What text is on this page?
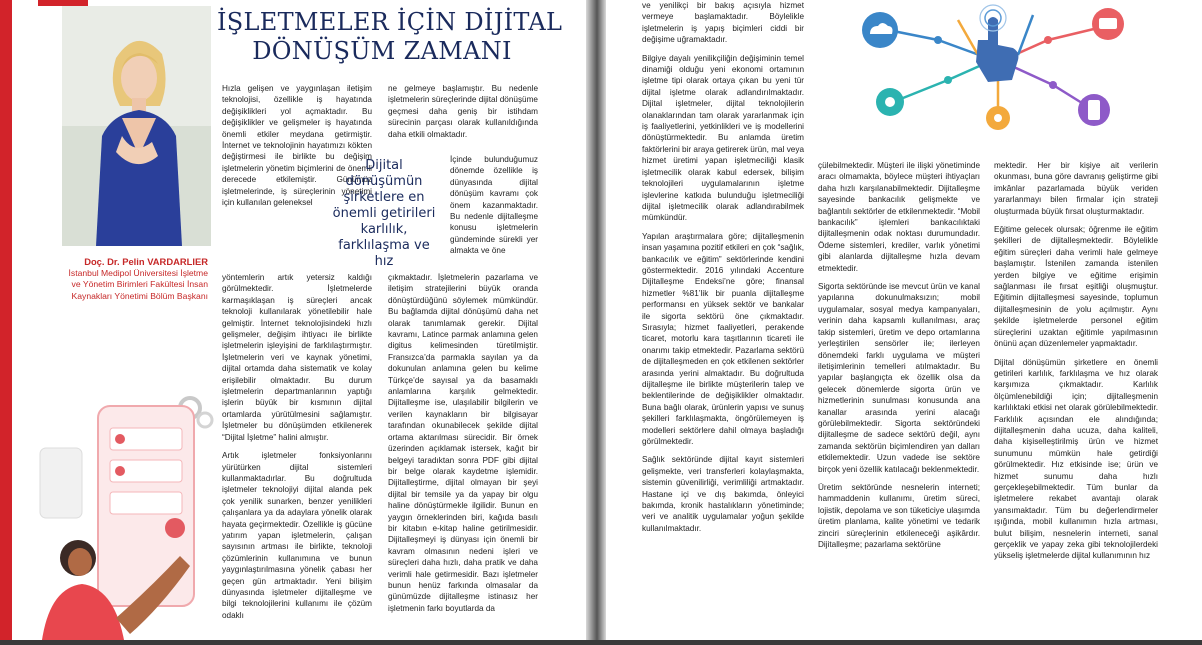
İŞLETMELER İÇİN DİJİTAL
DÖNÜŞÜM ZAMANI
Doç. Dr. Pelin VARDARLIER
İstanbul Medipol Üniversitesi İşletme
ve Yönetim Birimleri Fakültesi İnsan
Kaynakları Yönetimi Bölüm Başkanı

Hızla gelişen ve yaygınlaşan iletişim teknolojisi, özellikle iş hayatında değişiklikleri yol açmaktadır. Bu değişiklikler ve gelişmeler iş hayatında önemli etkiler meydana getirmiştir. İnternet ve teknolojinin hayatımızı kökten değiştirmesi ile birlikte bu değişim işletmelerin yönetim biçimlerini de önemli derecede etkilemiştir. Günümüz işletmelerinde, iş süreçlerinin yönetimi için kullanılan geleneksel

yöntemlerin artık yetersiz kaldığı görülmektedir. İşletmelerde karmaşıklaşan iş süreçleri ancak teknoloji kullanılarak yönetilebilir hale gelmiştir. İnternet teknolojisindeki hızlı gelişmeler, değişim ihtiyacı ile birlikte işletmelerin işleyişini de farklılaştırmıştır. İşletmelerin veri ve kaynak yönetimi, dijital ortamda daha sistematik ve kolay erişilebilir olmaktadır. Bu durum işletmelerin departmanlarının yaptığı işlerin büyük bir kısmının dijital ortamlarda yürütülmesini sağlamıştır. İşletmeler bu dönüşümden etkilenerek “Dijital İşletme” halini almıştır.

Artık işletmeler fonksiyonlarını yürütürken dijital sistemleri kullanmaktadırlar. Bu doğrultuda işletmeler teknolojiyi dijital alanda pek çok yenilik sunarken, benzer yenilikleri çalışanlara ya da adaylara yönelik olarak hayata geçirmektedir. Özellikle iş gücüne yatırım yapan işletmelerin, çalışan sayısının artması ile birlikte, teknoloji çözümlerinin kullanımına ve bunun yaygınlaştırılmasına yönelik çabası her geçen gün artmaktadır. Yeni bilişim dünyasında işletmeler dijitalleşme ve bilgi teknolojilerini kullanımı ile çözüm odaklı

ne gelmeye başlamıştır. Bu nedenle işletmelerin süreçlerinde dijital dönüşüme geçmesi daha geniş bir istihdam sürecinin parçası olarak kullanıldığında daha etkili olmaktadır.

Dijital dönüşümün şirketlere en önemli getirileri karlılık, farklılaşma ve hız

İçinde bulunduğumuz dönemde özellikle iş dünyasında dijital dönüşüm kavramı çok önem kazanmaktadır. Bu nedenle dijitalleşme konusu işletmelerin gündeminde sürekli yer almakta ve öne

çıkmaktadır. İşletmelerin pazarlama ve iletişim stratejilerini büyük oranda dönüştürdüğünü söylemek mümkündür. Bu bağlamda dijital dönüşümü daha net olarak tanımlamak gerekir. Dijital kavramı, Latince parmak anlamına gelen digitus kelimesinden türetilmiştir. Fransızca’da parmakla sayılan ya da dokunulan anlamına gelen bu kelime Türkçe’de sayısal ya da basamaklı anlamlarına karşılık gelmektedir. Dijitalleşme ise, ulaşılabilir bilgilerin ve verilen kaynakların bir bilgisayar tarafından okunabilecek şekilde dijital ortama aktarılması sürecidir. Bir örnek üzerinden açıklamak istersek, kağıt bir belgeyi taradıktan sonra PDF gibi dijital bir belge olarak kaydetme işlemidir. Dijitalleştirme, dijital olmayan bir şeyi dijital bir temsile ya da yapay bir olgu haline dönüştürmekle ilgilidir. Bunun en yaygın örneklerinden biri, kağıda basılı bir kitabın e-kitap haline getirilmesidir. Dijitalleşmeyi iş dünyası için önemli bir kavram olmasının nedeni işleri ve süreçleri daha hızlı, daha pratik ve daha verimli hale getirmesidir. Bazı işletmeler bunun henüz farkında olmasalar da günümüzde dijitalleşme istinasız her işletmenin farkı boyutlarda da

ve yenilikçi bir bakış açısıyla hizmet vermeye başlamaktadır. Böylelikle işletmelerin iş yapış biçimleri ciddi bir değişime uğramaktadır.

Bilgiye dayalı yenilikçiliğin değişiminin temel dinamiği olduğu yeni ekonomi ortamının işletme tipi olarak ortaya çıkan bu yeni tür dijital işletme olarak adlandırılmaktadır. Dijital işletmeler, dijital teknolojilerin olanaklarından tam olarak yararlanmak için iş faaliyetlerini, yetkinlikleri ve iş modellerini dönüştürmektedir. Bu anlamda üretim faktörlerini bir araya getirerek ürün, mal veya hizmet üretimi yapan işletmeciliği klasik işletmecilik olarak kabul edersek, bilişim teknolojileri uygulamalarının işletme işlevlerine katkıda bulunduğu işletmeciliği dijital işletmecilik olarak adlandırabilmek mümkündür.

Yapılan araştırmalara göre; dijitalleşmenin insan yaşamına pozitif etkileri en çok “sağlık, bankacılık ve eğitim” sektörlerinde kendini göstermektedir. 2016 yılındaki Accenture Dijitalleşme Endeksi’ne göre; finansal hizmetler %81’lik bir puanla dijitalleşme performansı en yüksek sektör ve bankalar ile sigorta sektörü öne çıkmaktadır. Sırasıyla; hizmet faaliyetleri, perakende ticaret, motorlu kara taşıtlarının ticareti ile onarımı takip etmektedir. Pazarlama sektörü de dijitalleşmeden en çok etkilenen sektörler arasında yerini almaktadır. Bu doğrultuda dijitalleşme ile birlikte müşterilerin talep ve beklentilerinde de değişiklikler olmaktadır. Buna bağlı olarak, ürünlerin yapısı ve sunuş şekilleri farklılaşmakta, öngörülemeyen iş modelleri sektörlere dahil olmaya başladığı görülmektedir.

Sağlık sektöründe dijital kayıt sistemleri gelişmekte, veri transferleri kolaylaşmakta, sistemin güvenilirliği, verimliliği artmaktadır. Hastane içi ve dış bakımda, önleyici bakımda, kronik hastalıkların yönetiminde; veri ve analitik uygulamalar yoğun şekilde kullanılmaktadır.

çülebilmektedir. Müşteri ile ilişki yönetiminde aracı olmamakta, böylece müşteri ihtiyaçları daha hızlı karşılanabilmektedir. Dijitalleşme sayesinde bankacılık gelişmekte ve bağlantılı sektörler de etkilenmektedir. “Mobil bankacılık” işlemleri bankacılıktaki dijitalleşmenin odak noktası durumundadır. Ödeme sistemleri, krediler, varlık yönetimi gibi alanlarda dijitalleşme hızla devam etmektedir.

Sigorta sektöründe ise mevcut ürün ve kanal yapılarına dokunulmaksızın; mobil uygulamalar, sosyal medya kampanyaları, verinin daha kapsamlı kullanılması, araç takip sistemleri, üretim ve depo ortamlarına yerleştirilen sensörler ile; ilerleyen dönemdeki farklı uygulama ve müşteri iletişimlerinin temelleri atılmaktadır. Bu yapılar başlangıçta ek özellik olsa da gelecek dönemlerde sigorta ürün ve hizmetlerinin sunulması konusunda ana kanallar arasında yerini alacağı görülebilmektedir. Sigorta sektöründeki dijitalleşme de sadece sektörü değil, aynı zamanda sektörün biçimlendiren yan dalları etkilemektedir. Uzun vadede ise sektöre birçok yeni özellik katılacağı beklenmektedir.

Üretim sektöründe nesnelerin interneti; hammaddenin kullanımı, üretim süreci, lojistik, depolama ve son tüketiciye ulaşımda üretim planlama, kalite yönetimi ve tedarik zinciri süreçlerinin etkileneceği aşikârdır. Dijitalleşme; pazarlama sektörüne

mektedir. Her bir kişiye ait verilerin okunması, buna göre davranış geliştirme gibi imkânlar pazarlamada büyük veriden yararlanmayı bilen firmalar için strateji oluşturmada büyük fırsat oluşturmaktadır.

Eğitime gelecek olursak; öğrenme ile eğitim şekilleri de dijitalleşmektedir. Böylelikle eğitim süreçleri daha verimli hale gelmeye başlamıştır. İstenilen zamanda istenilen yerden bilgiye ve eğitime erişimin sağlanması ile fırsat eşitliği oluşmuştur. Eğitimin dijitalleşmesi sayesinde, toplumun dijitalleşmesinin de yolu açılmıştır. Aynı şekilde işletmelerde personel eğitim süreçlerini uzaktan eğitimle yapılmasının önünü açan düzenlemeler yapmaktadır.

Dijital dönüşümün şirketlere en önemli getirileri karlılık, farklılaşma ve hız olarak karşımıza çıkmaktadır. Karlılık ölçümlenebildiği için; dijitalleşmenin karlılıktaki etkisi net olarak görülebilmektedir. Farklılık açısından ele alındığında; dijitalleşmenin daha ucuza, daha kaliteli, daha kişiselleştirilmiş ürün ve hizmet sunumunu mümkün hale getirdiği görülmektedir. Hız etkisinde ise; ürün ve hizmet sunumu daha hızlı gerçekleşebilmektedir. Tüm bunlar da işletmelere rekabet avantajı olarak yansımaktadır. Tüm bu değerlendirmeler ışığında, mobil kullanımın hızla artması, bulut bilişim, nesnelerin interneti, sanal gerçeklik ve yapay zeka gibi teknolojilerdeki yükseliş işletmelerde dijital kullanımının hız
